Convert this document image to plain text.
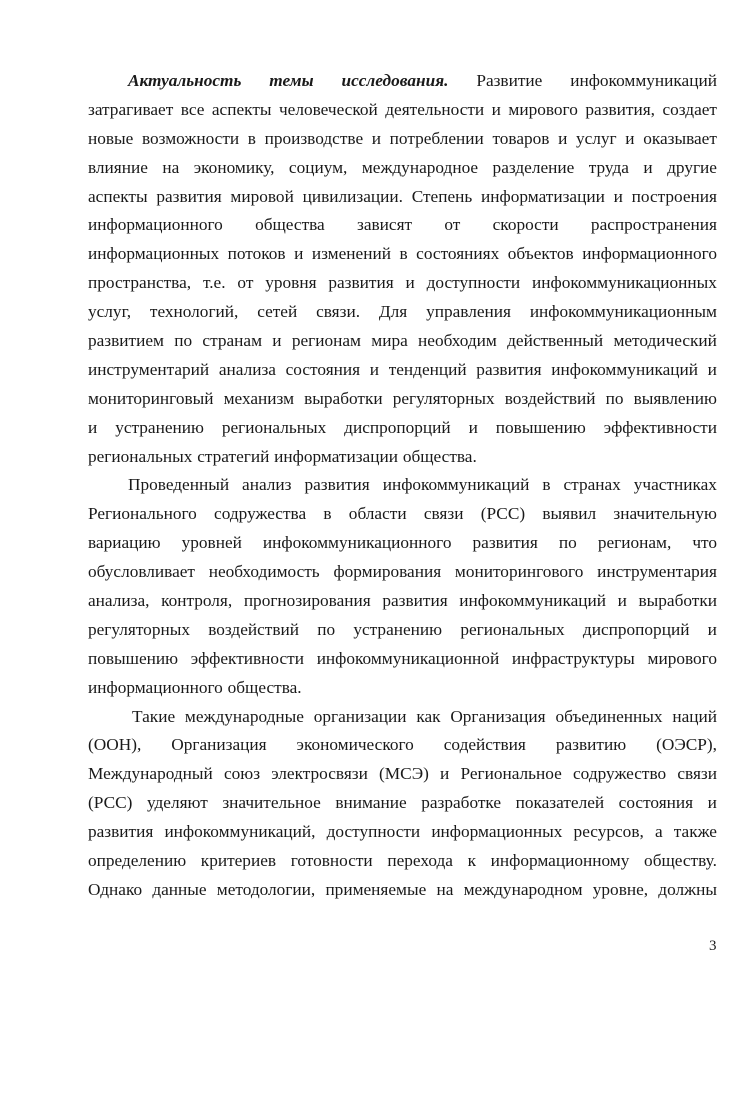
Актуальность темы исследования. Развитие инфокоммуникаций
затрагивает все аспекты человеческой деятельности и мирового развития, создает
новые возможности в производстве и потреблении товаров и услуг и оказывает
влияние на экономику, социум, международное разделение труда и другие
аспекты развития мировой цивилизации. Степень информатизации и построения
информационного общества зависят от скорости распространения
информационных потоков и изменений в состояниях объектов информационного
пространства, т.е. от уровня развития и доступности инфокоммуникационных
услуг, технологий, сетей связи. Для управления инфокоммуникационным
развитием по странам и регионам мира необходим действенный методический
инструментарий анализа состояния и тенденций развития инфокоммуникаций и
мониторинговый механизм выработки регуляторных воздействий по выявлению
и устранению региональных диспропорций и повышению эффективности
региональных стратегий информатизации общества.
Проведенный анализ развития инфокоммуникаций в странах участниках
Регионального содружества в области связи (РСС) выявил значительную
вариацию уровней инфокоммуникационного развития по регионам, что
обусловливает необходимость формирования мониторингового инструментария
анализа, контроля, прогнозирования развития инфокоммуникаций и выработки
регуляторных воздействий по устранению региональных диспропорций и
повышению эффективности инфокоммуникационной инфраструктуры мирового
информационного общества.
Такие международные организации как Организация объединенных наций
(ООН), Организация экономического содействия развитию (ОЭСР),
Международный союз электросвязи (МСЭ) и Региональное содружество связи
(РСС) уделяют значительное внимание разработке показателей состояния и
развития инфокоммуникаций, доступности информационных ресурсов, а также
определению критериев готовности перехода к информационному обществу.
Однако данные методологии, применяемые на международном уровне, должны
3
